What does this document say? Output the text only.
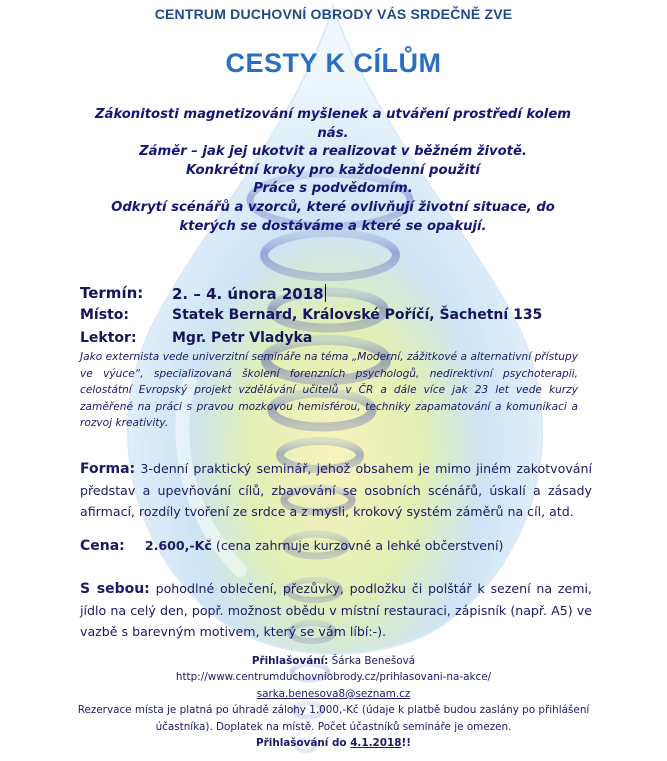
CENTRUM DUCHOVNÍ OBRODY VÁS SRDEČNĚ ZVE
CESTY K CÍLŮM
Zákonitosti magnetizování myšlenek a utváření prostředí kolem nás.
Záměr – jak jej ukotvit a realizovat v běžném životě.
Konkrétní kroky pro každodenní použití
Práce s podvědomím.
Odkrytí scénářů a vzorců, které ovlivňují životní situace, do kterých se dostáváme a které se opakují.
Termín: 2. – 4. února 2018
Místo:	Statek Bernard, Královské Poříčí, Šachetní 135
Lektor:	Mgr. Petr Vladyka
Jako externista vede univerzitní semináře na téma „Moderní, zážitkové a alternativní přístupy ve výuce“, specializovaná školení forenzních psychologů, nedirektivní psychoterapii, celostátní Evropský projekt vzdělávání učitelů v ČR a dále více jak 23 let vede kurzy zaměřené na práci s pravou mozkovou hemisférou, techniky zapamatování a komunikaci a rozvoj kreativity.
Forma: 3-denní praktický seminář, jehož obsahem je mimo jiném zakotvování představ a upevňování cílů, zbavování se osobních scénářů, úskalí a zásady afirmací, rozdíly tvoření ze srdce a z mysli, krokový systém záměrů na cíl, atd.
Cena: 2.600,-Kč (cena zahrnuje kurzovné a lehké občerstvení)
S sebou: pohodlné oblečení, přezůvky, podložku či polštář k sezení na zemi, jídlo na celý den, popř. možnost obědu v místní restauraci, zápisník (např. A5) ve vazbě s barevným motivem, který se vám líbí:-).
Přihlašování: Šárka Benešová
http://www.centrumduchovniobrody.cz/prihlasovani-na-akce/
sarka.benesova8@seznam.cz
Rezervace místa je platná po úhradě zálohy 1.000,-Kč (údaje k platbě budou zaslány po přihlášení
účastníka). Doplatek na místě. Počet účastníků semináře je omezen.
Přihlašování do 4.1.2018!!
